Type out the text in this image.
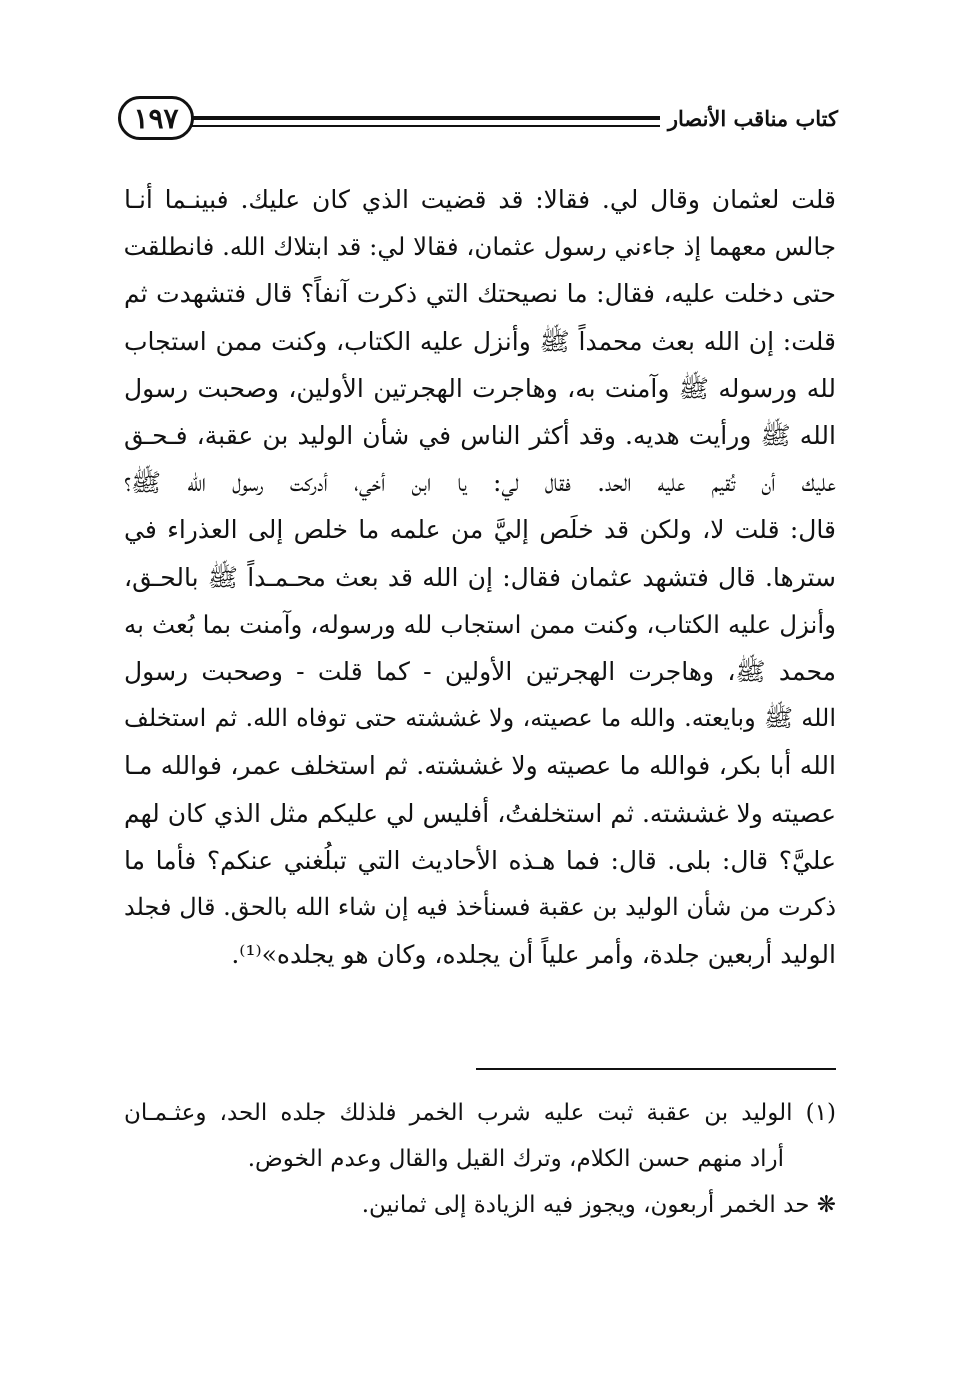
كتاب مناقب الأنصار
١٩٧
قلت لعثمان وقال لي. فقالا: قد قضيت الذي كان عليك. فبينـما أنـا
جالس معهما إذ جاءني رسول عثمان، فقالا لي: قد ابتلاك الله. فانطلقت
حتى دخلت عليه، فقال: ما نصيحتك التي ذكرت آنفاً؟ قال فتشهدت ثم
قلت: إن الله بعث محمداً ﷺ وأنزل عليه الكتاب، وكنت ممن استجاب
لله ورسوله ﷺ وآمنت به، وهاجرت الهجرتين الأولين، وصحبت رسول
الله ﷺ ورأيت هديه. وقد أكثر الناس في شأن الوليد بن عقبة، فـحـق
عليك أن تُقيم عليه الحد. فقال لي: يا ابن أخي، أدركت رسول الله ﷺ؟
قال: قلت لا، ولكن قد خلَص إليَّ من علمه ما خلص إلى العذراء في
سترها. قال فتشهد عثمان فقال: إن الله قد بعث محـمـداً ﷺ بالحـق،
وأنزل عليه الكتاب، وكنت ممن استجاب لله ورسوله، وآمنت بما بُعث به
محمد ﷺ، وهاجرت الهجرتين الأولين - كما قلت - وصحبت رسول
الله ﷺ وبايعته. والله ما عصيته، ولا غششته حتى توفاه الله. ثم استخلف
الله أبا بكر، فوالله ما عصيته ولا غششته. ثم استخلف عمر، فوالله مـا
عصيته ولا غششته. ثم استخلفتُ، أفليس لي عليكم مثل الذي كان لهم
عليَّ؟ قال: بلى. قال: فما هـذه الأحاديث التي تبلُغني عنكم؟ فأما ما
ذكرت من شأن الوليد بن عقبة فسنأخذ فيه إن شاء الله بالحق. قال فجلد
الوليد أربعين جلدة، وأمر علياً أن يجلده، وكان هو يجلده»⁽¹⁾.
(١) الوليد بن عقبة ثبت عليه شرب الخمر فلذلك جلده الحد، وعثـمـان
أراد منهم حسن الكلام، وترك القيل والقال وعدم الخوض.
❋ حد الخمر أربعون، ويجوز فيه الزيادة إلى ثمانين.
